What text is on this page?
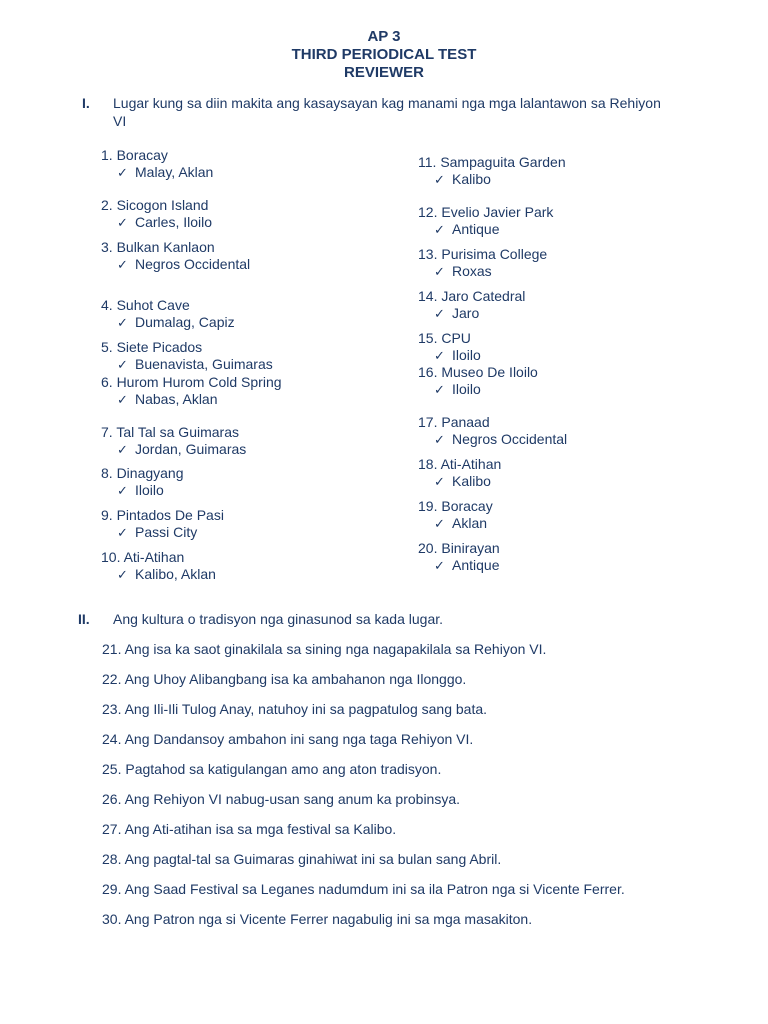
AP 3
THIRD PERIODICAL TEST
REVIEWER
I. Lugar kung sa diin makita ang kasaysayan kag manami nga mga lalantawon sa Rehiyon VI
1. Boracay
✓ Malay, Aklan
2. Sicogon Island
✓ Carles, Iloilo
3. Bulkan Kanlaon
✓ Negros Occidental
4. Suhot Cave
✓ Dumalag, Capiz
5. Siete Picados
✓ Buenavista, Guimaras
6. Hurom Hurom Cold Spring
✓ Nabas, Aklan
7. Tal Tal sa Guimaras
✓ Jordan, Guimaras
8. Dinagyang
✓ Iloilo
9. Pintados De Pasi
✓ Passi City
10. Ati-Atihan
✓ Kalibo, Aklan
11. Sampaguita Garden
✓ Kalibo
12. Evelio Javier Park
✓ Antique
13. Purisima College
✓ Roxas
14. Jaro Catedral
✓ Jaro
15. CPU
✓ Iloilo
16. Museo De Iloilo
✓ Iloilo
17. Panaad
✓ Negros Occidental
18. Ati-Atihan
✓ Kalibo
19. Boracay
✓ Aklan
20. Binirayan
✓ Antique
II. Ang kultura o tradisyon nga ginasunod sa kada lugar.
21. Ang isa ka saot ginakilala sa sining nga nagapakilala sa Rehiyon VI.
22. Ang Uhoy Alibangbang isa ka ambahanon nga Ilonggo.
23. Ang Ili-Ili Tulog Anay, natuhoy ini sa pagpatulog sang bata.
24. Ang Dandansoy ambahon ini sang nga taga Rehiyon VI.
25. Pagtahod sa katigulangan amo ang aton tradisyon.
26. Ang Rehiyon VI nabug-usan sang anum ka probinsya.
27. Ang Ati-atihan isa sa mga festival sa Kalibo.
28. Ang pagtal-tal sa Guimaras ginahiwat ini sa bulan sang Abril.
29. Ang Saad Festival sa Leganes nadumdum ini sa ila Patron nga si Vicente Ferrer.
30. Ang Patron nga si Vicente Ferrer nagabulig ini sa mga masakiton.
